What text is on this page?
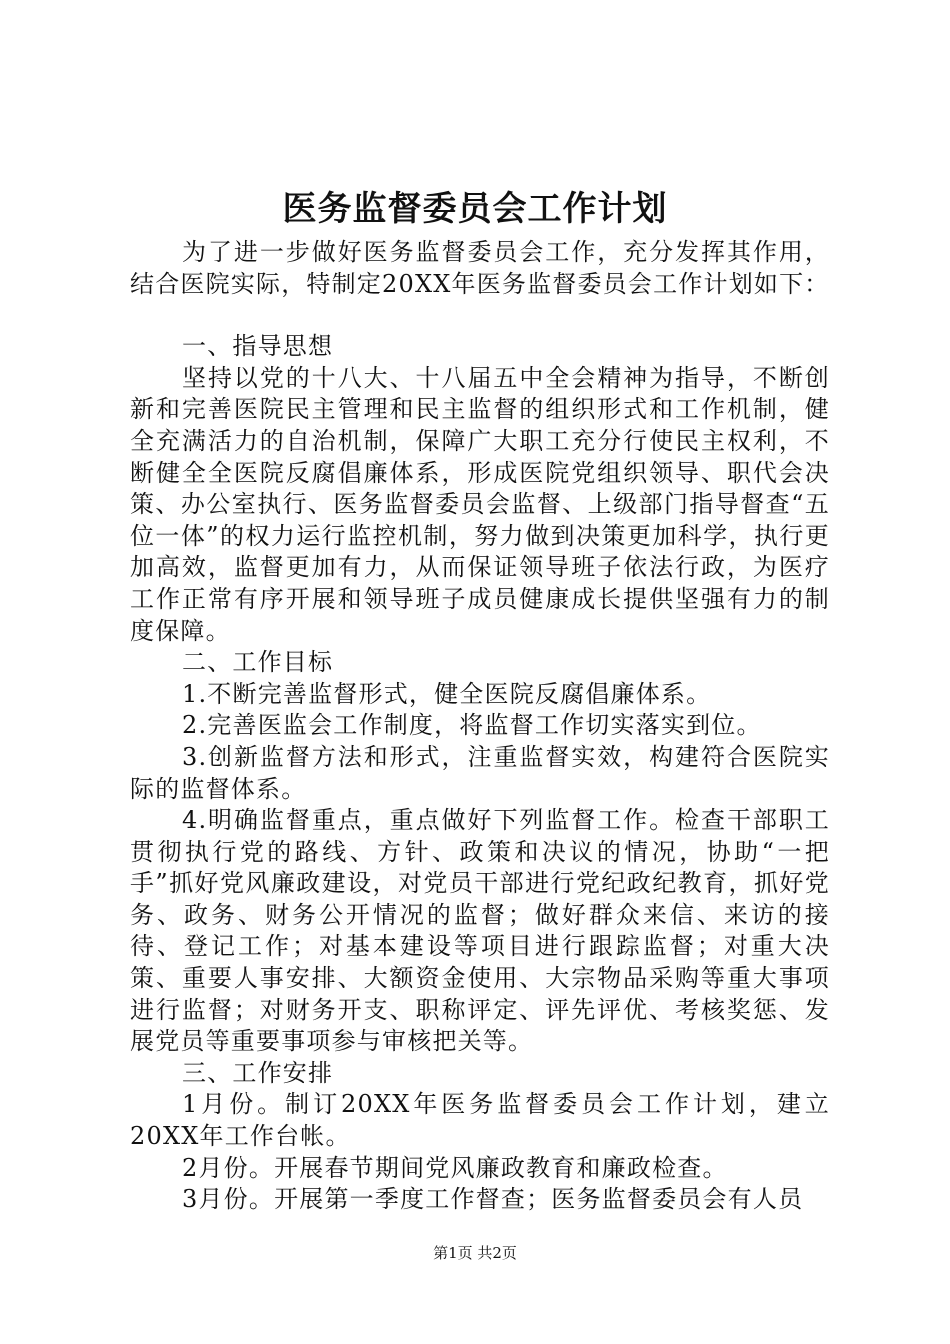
医务监督委员会工作计划

为了进一步做好医务监督委员会工作，充分发挥其作用，结合医院实际，特制定20XX年医务监督委员会工作计划如下：

一、指导思想

坚持以党的十八大、十八届五中全会精神为指导，不断创新和完善医院民主管理和民主监督的组织形式和工作机制，健全充满活力的自治机制，保障广大职工充分行使民主权利，不断健全全医院反腐倡廉体系，形成医院党组织领导、职代会决策、办公室执行、医务监督委员会监督、上级部门指导督查“五位一体”的权力运行监控机制，努力做到决策更加科学，执行更加高效，监督更加有力，从而保证领导班子依法行政，为医疗工作正常有序开展和领导班子成员健康成长提供坚强有力的制度保障。

二、工作目标

1.不断完善监督形式，健全医院反腐倡廉体系。

2.完善医监会工作制度，将监督工作切实落实到位。

3.创新监督方法和形式，注重监督实效，构建符合医院实际的监督体系。

4.明确监督重点，重点做好下列监督工作。检查干部职工贯彻执行党的路线、方针、政策和决议的情况，协助“一把手”抓好党风廉政建设，对党员干部进行党纪政纪教育，抓好党务、政务、财务公开情况的监督；做好群众来信、来访的接待、登记工作；对基本建设等项目进行跟踪监督；对重大决策、重要人事安排、大额资金使用、大宗物品采购等重大事项进行监督；对财务开支、职称评定、评先评优、考核奖惩、发展党员等重要事项参与审核把关等。

三、工作安排

1月份。制订20XX年医务监督委员会工作计划，建立20XX年工作台帐。

2月份。开展春节期间党风廉政教育和廉政检查。

3月份。开展第一季度工作督查；医务监督委员会有人员

第1页 共2页
